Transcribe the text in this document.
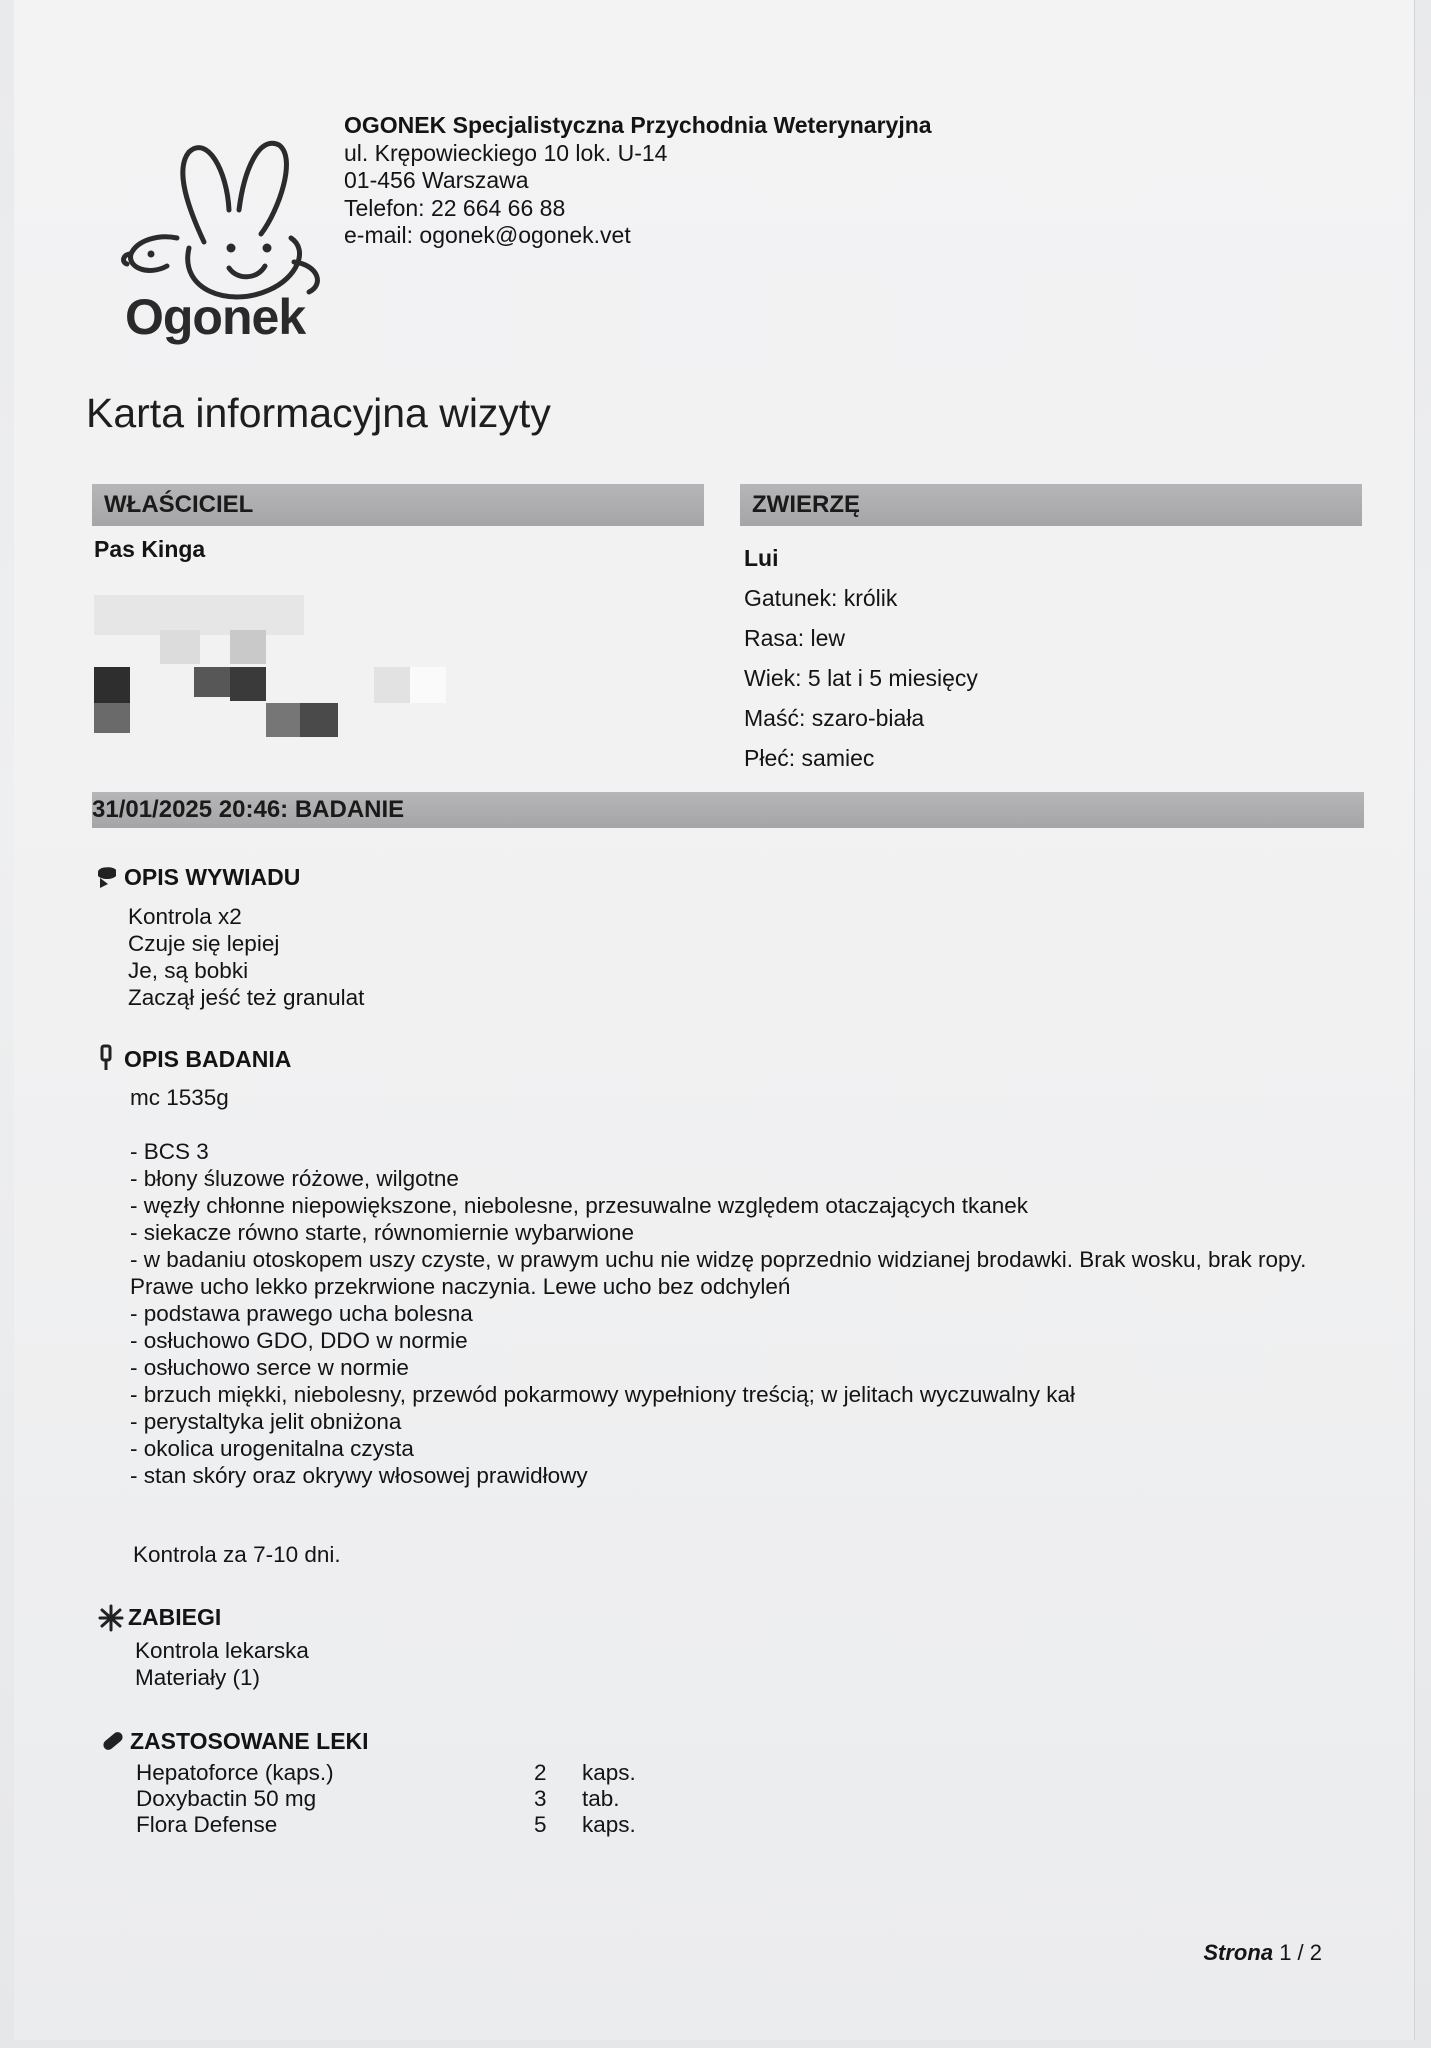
Ogonek
OGONEK Specjalistyczna Przychodnia Weterynaryjna
ul. Krępowieckiego 10 lok. U-14
01-456 Warszawa
Telefon: 22 664 66 88
e-mail: ogonek@ogonek.vet
Karta informacyjna wizyty
WŁAŚCICIEL
Pas Kinga
ZWIERZĘ
Lui
Gatunek: królik
Rasa: lew
Wiek: 5 lat i 5 miesięcy
Maść: szaro-biała
Płeć: samiec
31/01/2025 20:46: BADANIE
OPIS WYWIADU
Kontrola x2
Czuje się lepiej
Je, są bobki
Zaczął jeść też granulat
OPIS BADANIA
mc 1535g
- BCS 3
- błony śluzowe różowe, wilgotne
- węzły chłonne niepowiększone, niebolesne, przesuwalne względem otaczających tkanek
- siekacze równo starte, równomiernie wybarwione
- w badaniu otoskopem uszy czyste, w prawym uchu nie widzę poprzednio widzianej brodawki. Brak wosku, brak ropy. Prawe ucho lekko przekrwione naczynia. Lewe ucho bez odchyleń
- podstawa prawego ucha bolesna
- osłuchowo GDO, DDO w normie
- osłuchowo serce w normie
- brzuch miękki, niebolesny, przewód pokarmowy wypełniony treścią; w jelitach wyczuwalny kał
- perystaltyka jelit obniżona
- okolica urogenitalna czysta
- stan skóry oraz okrywy włosowej prawidłowy
Kontrola za 7-10 dni.
ZABIEGI
Kontrola lekarska
Materiały (1)
ZASTOSOWANE LEKI
Hepatoforce (kaps.)	2	kaps.
Doxybactin 50 mg	3	tab.
Flora Defense	5	kaps.
Strona 1 / 2
